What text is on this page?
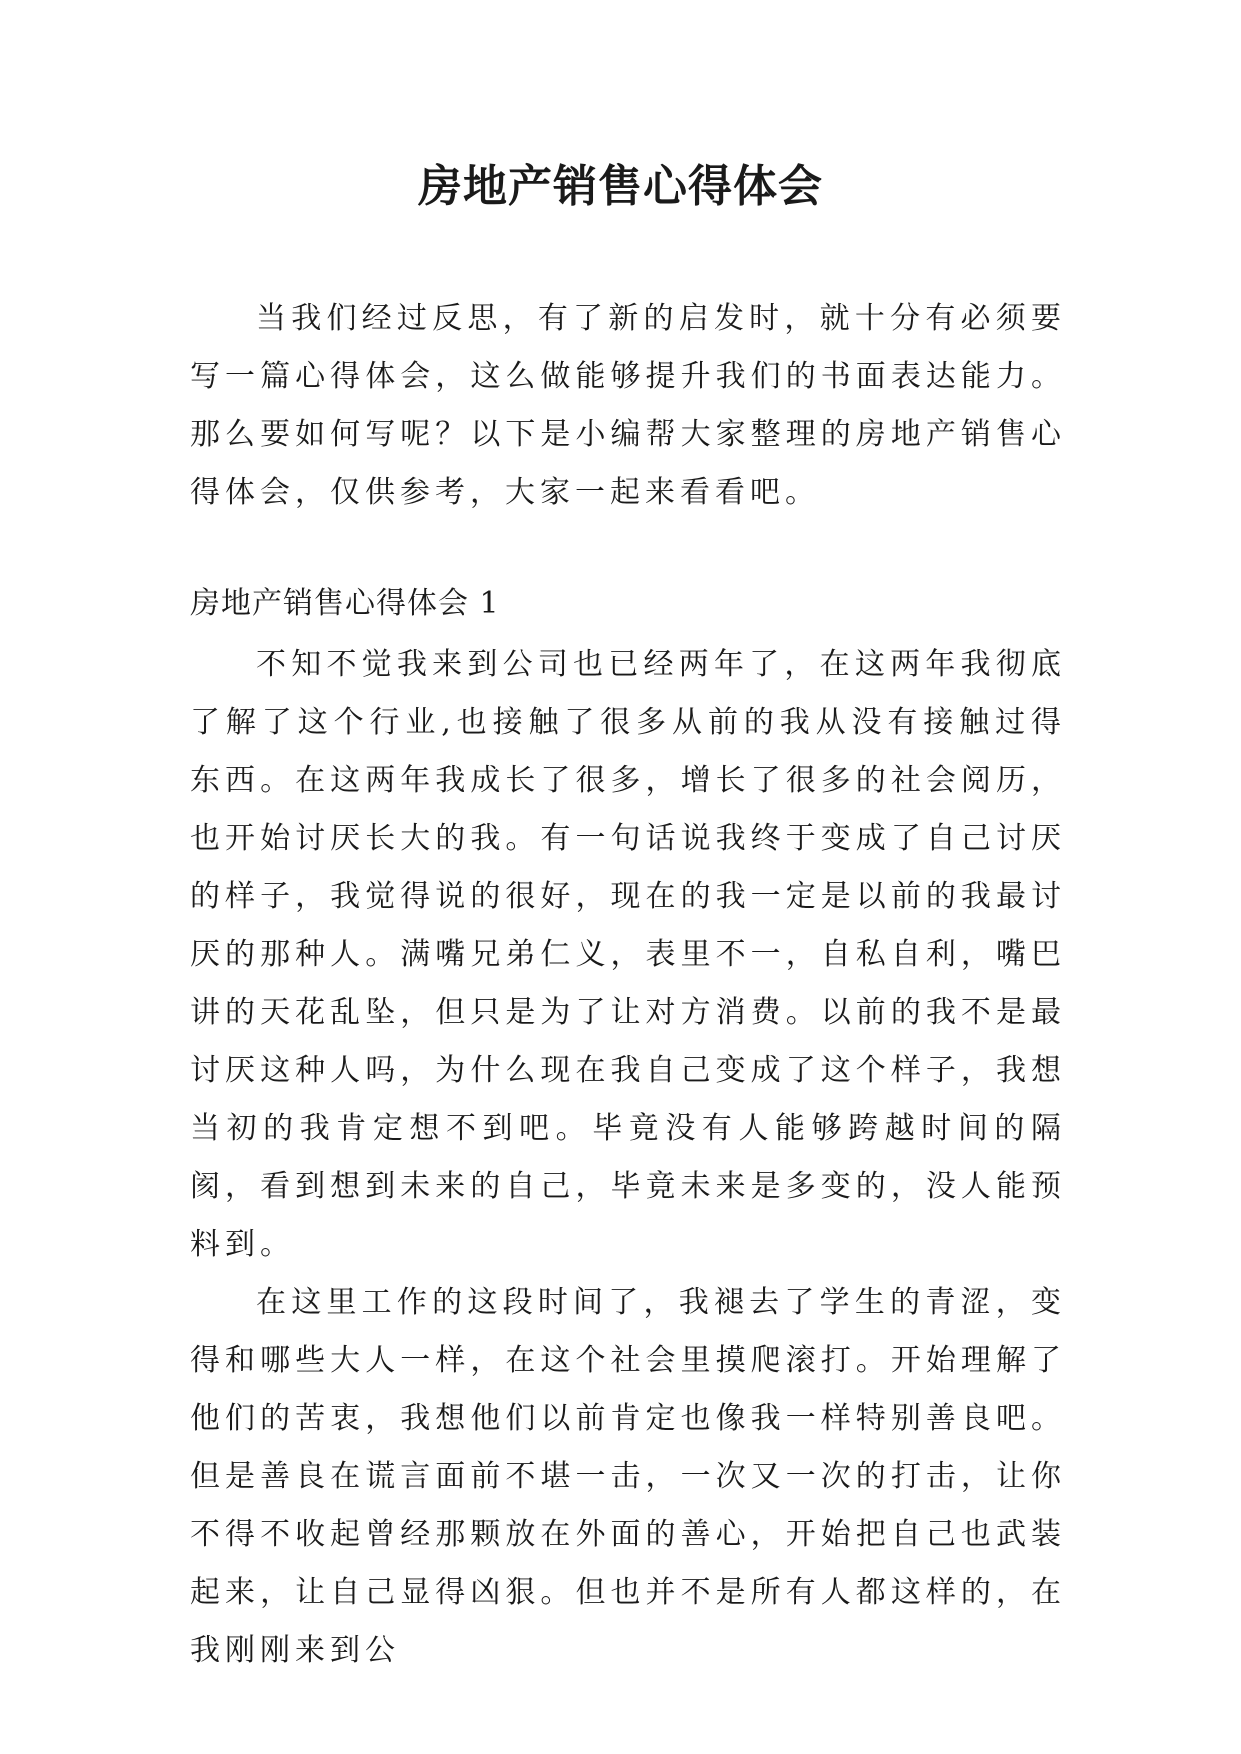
房地产销售心得体会

当我们经过反思，有了新的启发时，就十分有必须要写一篇心得体会，这么做能够提升我们的书面表达能力。那么要如何写呢？以下是小编帮大家整理的房地产销售心得体会，仅供参考，大家一起来看看吧。

房地产销售心得体会 1

不知不觉我来到公司也已经两年了，在这两年我彻底了解了这个行业,也接触了很多从前的我从没有接触过得东西。在这两年我成长了很多，增长了很多的社会阅历，也开始讨厌长大的我。有一句话说我终于变成了自己讨厌的样子，我觉得说的很好，现在的我一定是以前的我最讨厌的那种人。满嘴兄弟仁义，表里不一，自私自利，嘴巴讲的天花乱坠，但只是为了让对方消费。以前的我不是最讨厌这种人吗，为什么现在我自己变成了这个样子，我想当初的我肯定想不到吧。毕竟没有人能够跨越时间的隔阂，看到想到未来的自己，毕竟未来是多变的，没人能预料到。

在这里工作的这段时间了，我褪去了学生的青涩，变得和哪些大人一样，在这个社会里摸爬滚打。开始理解了他们的苦衷，我想他们以前肯定也像我一样特别善良吧。但是善良在谎言面前不堪一击，一次又一次的打击，让你不得不收起曾经那颗放在外面的善心，开始把自己也武装起来，让自己显得凶狠。但也并不是所有人都这样的，在我刚刚来到公
